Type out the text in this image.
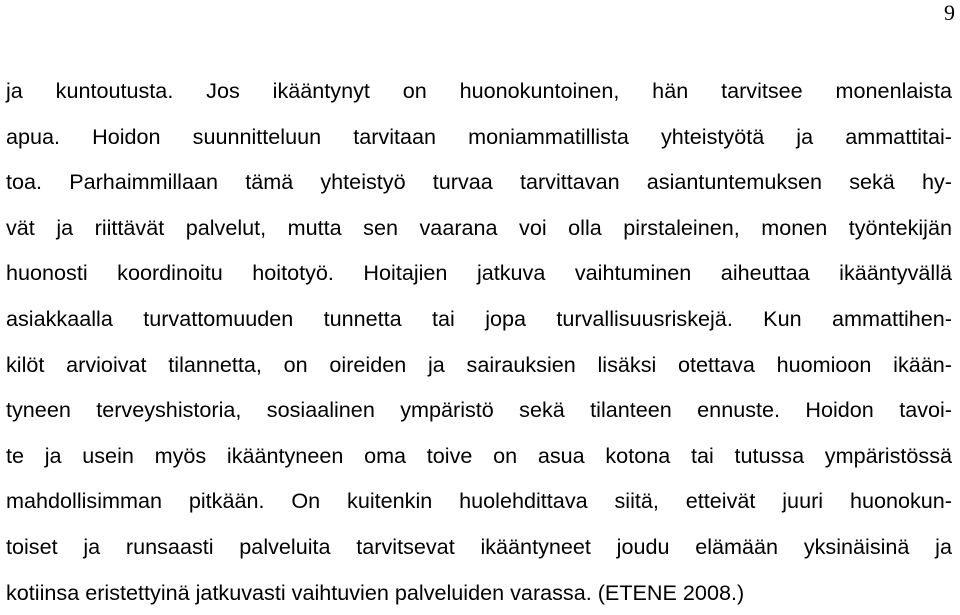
9
ja kuntoutusta. Jos ikääntynyt on huonokuntoinen, hän tarvitsee monenlaista
apua. Hoidon suunnitteluun tarvitaan moniammatillista yhteistyötä ja ammattitai-
toa. Parhaimmillaan tämä yhteistyö turvaa tarvittavan asiantuntemuksen sekä hy-
vät ja riittävät palvelut, mutta sen vaarana voi olla pirstaleinen, monen työntekijän
huonosti koordinoitu hoitotyö. Hoitajien jatkuva vaihtuminen aiheuttaa ikääntyvällä
asiakkaalla turvattomuuden tunnetta tai jopa turvallisuusriskejä. Kun ammattihen-
kilöt arvioivat tilannetta, on oireiden ja sairauksien lisäksi otettava huomioon ikään-
tyneen terveyshistoria, sosiaalinen ympäristö sekä tilanteen ennuste. Hoidon tavoi-
te ja usein myös ikääntyneen oma toive on asua kotona tai tutussa ympäristössä
mahdollisimman pitkään. On kuitenkin huolehdittava siitä, etteivät juuri huonokun-
toiset ja runsaasti palveluita tarvitsevat ikääntyneet joudu elämään yksinäisinä ja
kotiinsa eristettyinä jatkuvasti vaihtuvien palveluiden varassa. (ETENE 2008.)
